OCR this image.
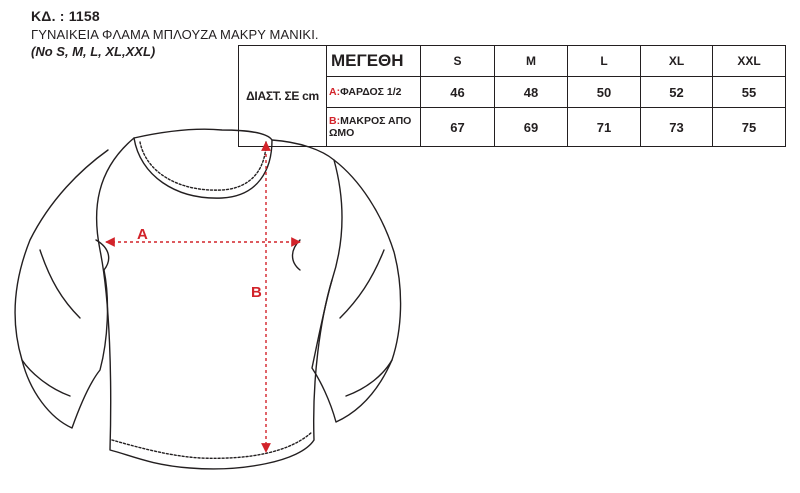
ΚΔ. : 1158

ΓΥΝΑΙΚΕΙΑ ΦΛΑΜΑ ΜΠΛΟΥΖΑ ΜΑΚΡΥ ΜΑΝΙΚΙ.

(No S, M, L, XL,XXL)

ΔΙΑΣΤ. ΣΕ cm	ΜΕΓΕΘΗ	S	M	L	XL	XXL
	A:ΦΑΡΔΟΣ 1/2	46	48	50	52	55
	B:ΜΑΚΡΟΣ ΑΠΟ ΩΜΟ	67	69	71	73	75
A
B
